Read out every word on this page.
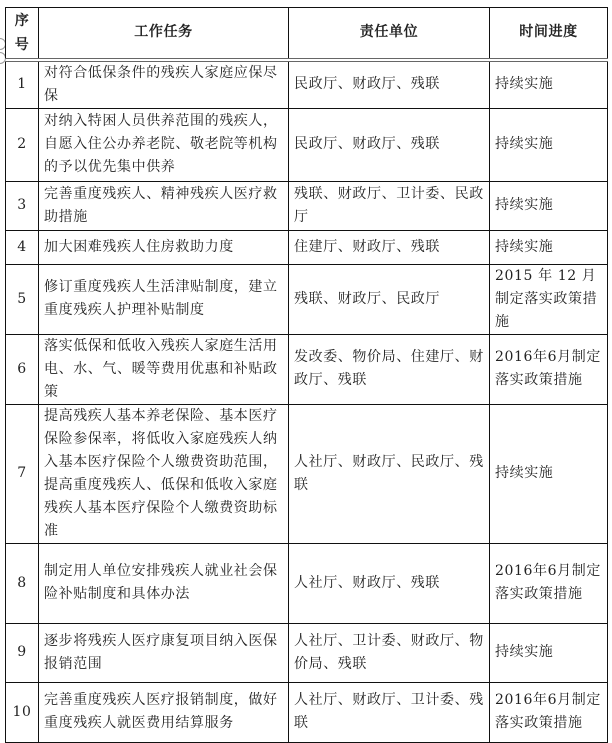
序号	工作任务	责任单位	时间进度
1	对符合低保条件的残疾人家庭应保尽保	民政厅、财政厅、残联	持续实施
2	对纳入特困人员供养范围的残疾人，自愿入住公办养老院、敬老院等机构的予以优先集中供养	民政厅、财政厅、残联	持续实施
3	完善重度残疾人、精神残疾人医疗救助措施	残联、财政厅、卫计委、民政厅	持续实施
4	加大困难残疾人住房救助力度	住建厅、财政厅、残联	持续实施
5	修订重度残疾人生活津贴制度，建立重度残疾人护理补贴制度	残联、财政厅、民政厅	2015 年 12 月 制定落实政策措施
6	落实低保和低收入残疾人家庭生活用电、水、气、暖等费用优惠和补贴政策	发改委、物价局、住建厅、财政厅、残联	2016年6月制定落实政策措施
7	提高残疾人基本养老保险、基本医疗保险参保率，将低收入家庭残疾人纳入基本医疗保险个人缴费资助范围，提高重度残疾人、低保和低收入家庭残疾人基本医疗保险个人缴费资助标准	人社厅、财政厅、民政厅、残联	持续实施
8	制定用人单位安排残疾人就业社会保险补贴制度和具体办法	人社厅、财政厅、残联	2016年6月制定落实政策措施
9	逐步将残疾人医疗康复项目纳入医保报销范围	人社厅、卫计委、财政厅、物价局、残联	持续实施
10	完善重度残疾人医疗报销制度，做好重度残疾人就医费用结算服务	人社厅、财政厅、卫计委、残联	2016年6月制定落实政策措施
